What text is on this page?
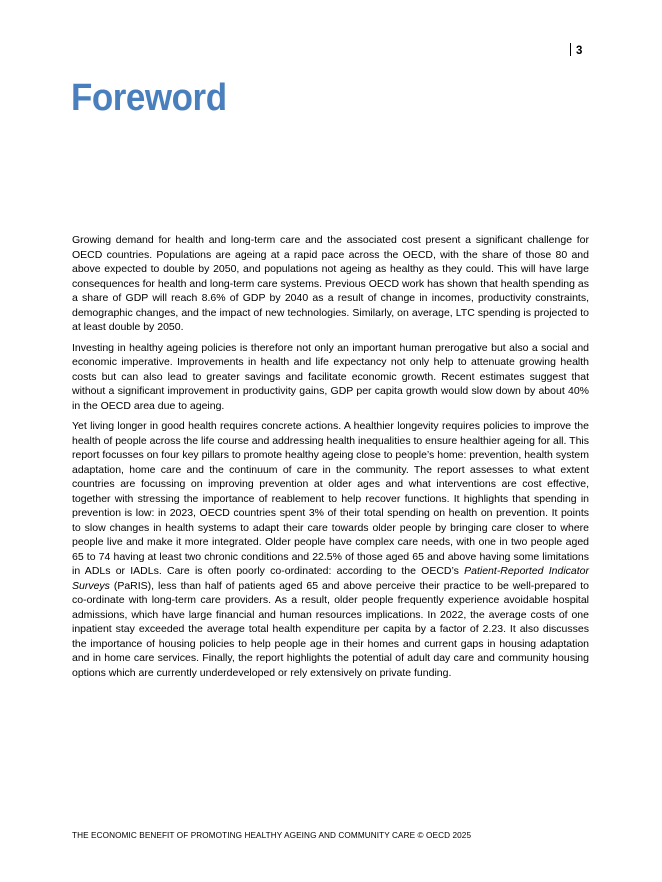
3
Foreword

Growing demand for health and long-term care and the associated cost present a significant challenge for OECD countries. Populations are ageing at a rapid pace across the OECD, with the share of those 80 and above expected to double by 2050, and populations not ageing as healthy as they could. This will have large consequences for health and long-term care systems. Previous OECD work has shown that health spending as a share of GDP will reach 8.6% of GDP by 2040 as a result of change in incomes, productivity constraints, demographic changes, and the impact of new technologies. Similarly, on average, LTC spending is projected to at least double by 2050.

Investing in healthy ageing policies is therefore not only an important human prerogative but also a social and economic imperative. Improvements in health and life expectancy not only help to attenuate growing health costs but can also lead to greater savings and facilitate economic growth. Recent estimates suggest that without a significant improvement in productivity gains, GDP per capita growth would slow down by about 40% in the OECD area due to ageing.

Yet living longer in good health requires concrete actions. A healthier longevity requires policies to improve the health of people across the life course and addressing health inequalities to ensure healthier ageing for all. This report focusses on four key pillars to promote healthy ageing close to people’s home: prevention, health system adaptation, home care and the continuum of care in the community. The report assesses to what extent countries are focussing on improving prevention at older ages and what interventions are cost effective, together with stressing the importance of reablement to help recover functions. It highlights that spending in prevention is low: in 2023, OECD countries spent 3% of their total spending on health on prevention. It points to slow changes in health systems to adapt their care towards older people by bringing care closer to where people live and make it more integrated. Older people have complex care needs, with one in two people aged 65 to 74 having at least two chronic conditions and 22.5% of those aged 65 and above having some limitations in ADLs or IADLs. Care is often poorly co-ordinated: according to the OECD’s Patient-Reported Indicator Surveys (PaRIS), less than half of patients aged 65 and above perceive their practice to be well-prepared to co-ordinate with long-term care providers. As a result, older people frequently experience avoidable hospital admissions, which have large financial and human resources implications. In 2022, the average costs of one inpatient stay exceeded the average total health expenditure per capita by a factor of 2.23. It also discusses the importance of housing policies to help people age in their homes and current gaps in housing adaptation and in home care services. Finally, the report highlights the potential of adult day care and community housing options which are currently underdeveloped or rely extensively on private funding.

THE ECONOMIC BENEFIT OF PROMOTING HEALTHY AGEING AND COMMUNITY CARE © OECD 2025
